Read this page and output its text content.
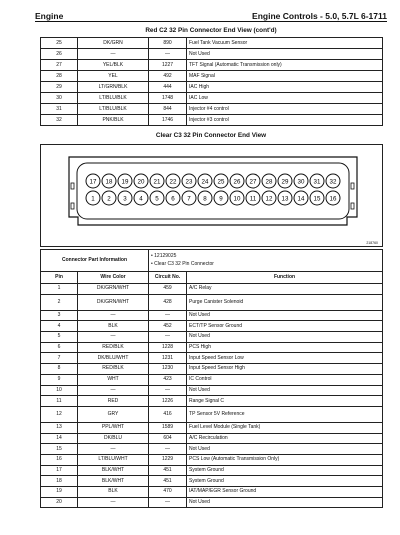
Engine	Engine Controls - 5.0, 5.7L 6-1711
Red C2 32 Pin Connector End View (cont'd)
25	DK/GRN	890	Fuel Tank Vacuum Sensor
26	—	—	Not Used
27	YEL/BLK	1227	TFT Signal (Automatic Transmission only)
28	YEL	492	MAF Signal
29	LT/GRN/BLK	444	IAC High
30	LT/BLU/BLK	1748	IAC Low
31	LT/BLU/BLK	844	Injector #4 control
32	PNK/BLK	1746	Injector #3 control
Clear C3 32 Pin Connector End View
17 18 19 20 21 22 23 24 25 26 27 28 29 30 31 32
1 2 3 4 5 6 7 8 9 10 11 12 13 14 15 16
218760
Connector Part Information		• 12129025
• Clear C3 32 Pin Connector	

Pin	Wire Color	Circuit No.	Function
1	DK/GRN/WHT	459	A/C Relay
2	DK/GRN/WHT	428	Purge Canister Solenoid
3	—	—	Not Used
4	BLK	452	ECT/TP Sensor Ground
5	—	—	Not Used
6	RED/BLK	1228	PCS High
7	DK/BLU/WHT	1231	Input Speed Sensor Low
8	RED/BLK	1230	Input Speed Sensor High
9	WHT	423	IC Control
10	—	—	Not Used
11	RED	1226	Range Signal C
12	GRY	416	TP Sensor 5V Reference
13	PPL/WHT	1589	Fuel Level Module (Single Tank)
14	DK/BLU	604	A/C Recirculation
15	—	—	Not Used
16	LT/BLU/WHT	1229	PCS Low (Automatic Transmission Only)
17	BLK/WHT	451	System Ground
18	BLK/WHT	451	System Ground
19	BLK	470	IAT/MAP/EGR Sensor Ground
20	—	—	Not Used
